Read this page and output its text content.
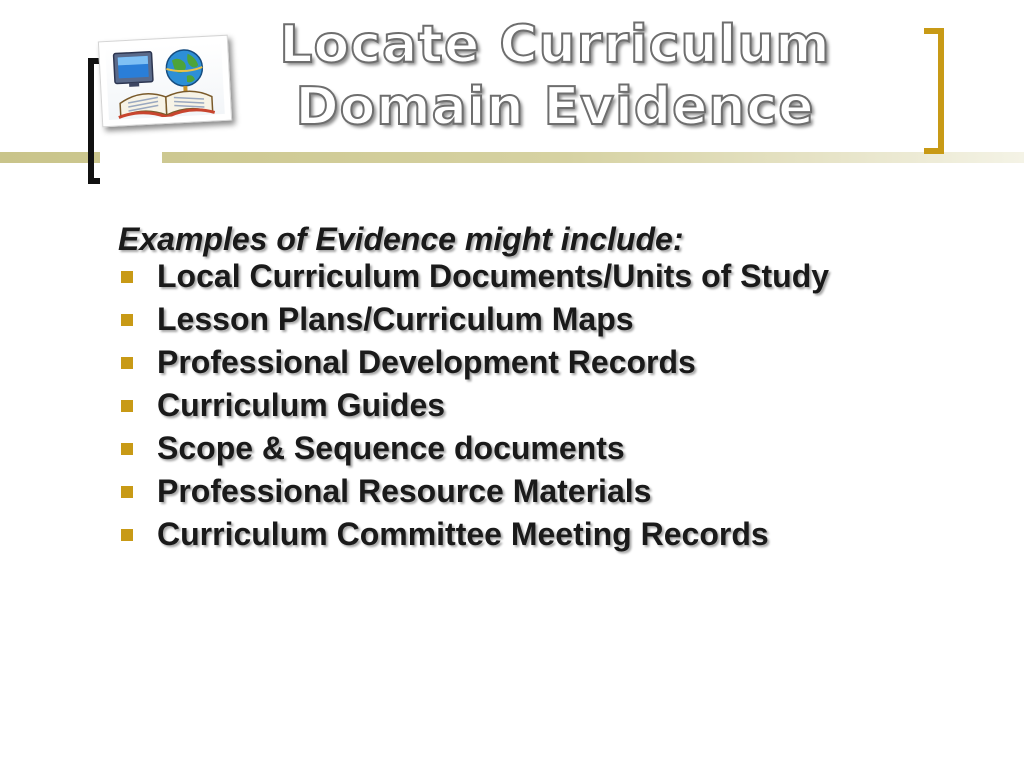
Locate Curriculum
Domain Evidence
Examples of Evidence might include:
Local Curriculum Documents/Units of Study
Lesson Plans/Curriculum Maps
Professional Development Records
Curriculum Guides
Scope & Sequence documents
Professional Resource Materials
Curriculum Committee Meeting Records
